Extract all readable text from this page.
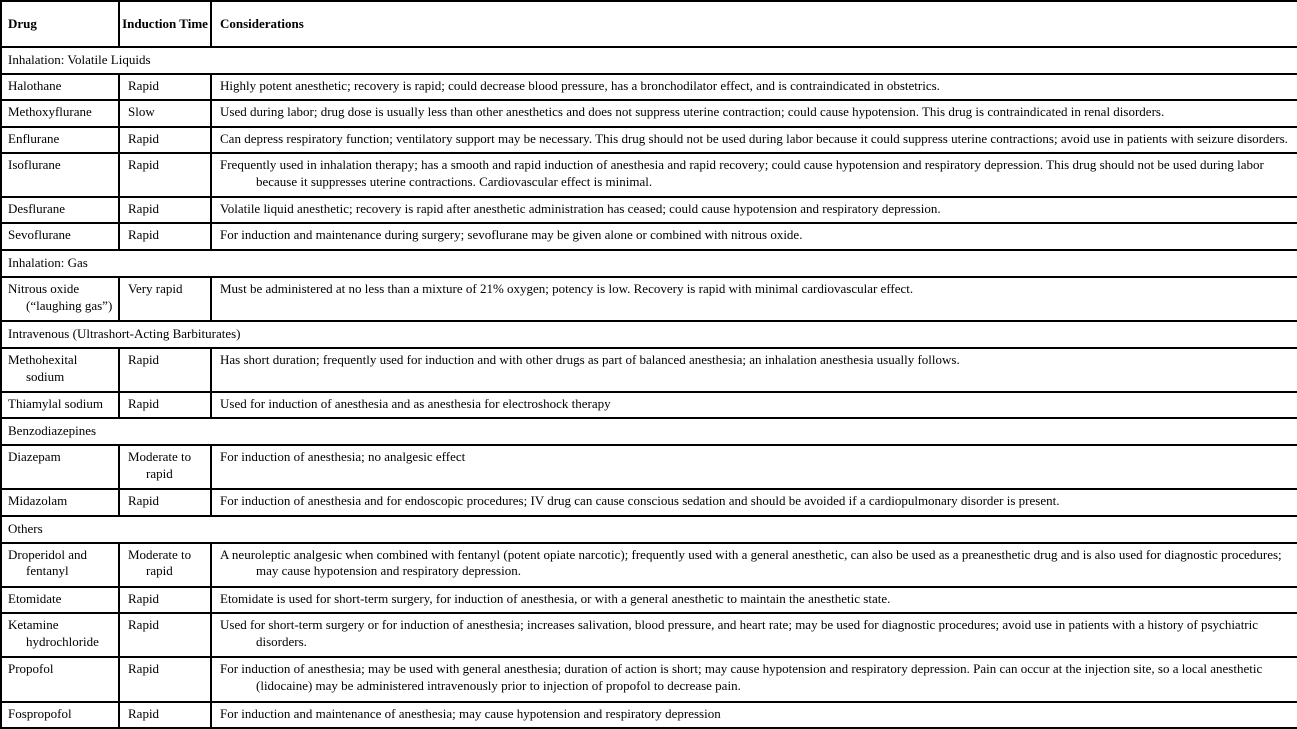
Drug	Induction Time	Considerations
Inhalation: Volatile Liquids		
Halothane	Rapid	Highly potent anesthetic; recovery is rapid; could decrease blood pressure, has a bronchodilator effect, and is contraindicated in obstetrics.
Methoxyflurane	Slow	Used during labor; drug dose is usually less than other anesthetics and does not suppress uterine contraction; could cause hypotension. This drug is contraindicated in renal disorders.
Enflurane	Rapid	Can depress respiratory function; ventilatory support may be necessary. This drug should not be used during labor because it could suppress uterine contractions; avoid use in patients with seizure disorders.
Isoflurane	Rapid	Frequently used in inhalation therapy; has a smooth and rapid induction of anesthesia and rapid recovery; could cause hypotension and respiratory depression. This drug should not be used during labor because it suppresses uterine contractions. Cardiovascular effect is minimal.
Desflurane	Rapid	Volatile liquid anesthetic; recovery is rapid after anesthetic administration has ceased; could cause hypotension and respiratory depression.
Sevoflurane	Rapid	For induction and maintenance during surgery; sevoflurane may be given alone or combined with nitrous oxide.
Inhalation: Gas		
Nitrous oxide (“laughing gas”)	Very rapid	Must be administered at no less than a mixture of 21% oxygen; potency is low. Recovery is rapid with minimal cardiovascular effect.
Intravenous (Ultrashort-Acting Barbiturates)		
Methohexital sodium	Rapid	Has short duration; frequently used for induction and with other drugs as part of balanced anesthesia; an inhalation anesthesia usually follows.
Thiamylal sodium	Rapid	Used for induction of anesthesia and as anesthesia for electroshock therapy
Benzodiazepines		
Diazepam	Moderate to rapid	For induction of anesthesia; no analgesic effect
Midazolam	Rapid	For induction of anesthesia and for endoscopic procedures; IV drug can cause conscious sedation and should be avoided if a cardiopulmonary disorder is present.
Others		
Droperidol and fentanyl	Moderate to rapid	A neuroleptic analgesic when combined with fentanyl (potent opiate narcotic); frequently used with a general anesthetic, can also be used as a preanesthetic drug and is also used for diagnostic procedures; may cause hypotension and respiratory depression.
Etomidate	Rapid	Etomidate is used for short-term surgery, for induction of anesthesia, or with a general anesthetic to maintain the anesthetic state.
Ketamine hydrochloride	Rapid	Used for short-term surgery or for induction of anesthesia; increases salivation, blood pressure, and heart rate; may be used for diagnostic procedures; avoid use in patients with a history of psychiatric disorders.
Propofol	Rapid	For induction of anesthesia; may be used with general anesthesia; duration of action is short; may cause hypotension and respiratory depression. Pain can occur at the injection site, so a local anesthetic (lidocaine) may be administered intravenously prior to injection of propofol to decrease pain.
Fospropofol	Rapid	For induction and maintenance of anesthesia; may cause hypotension and respiratory depression
